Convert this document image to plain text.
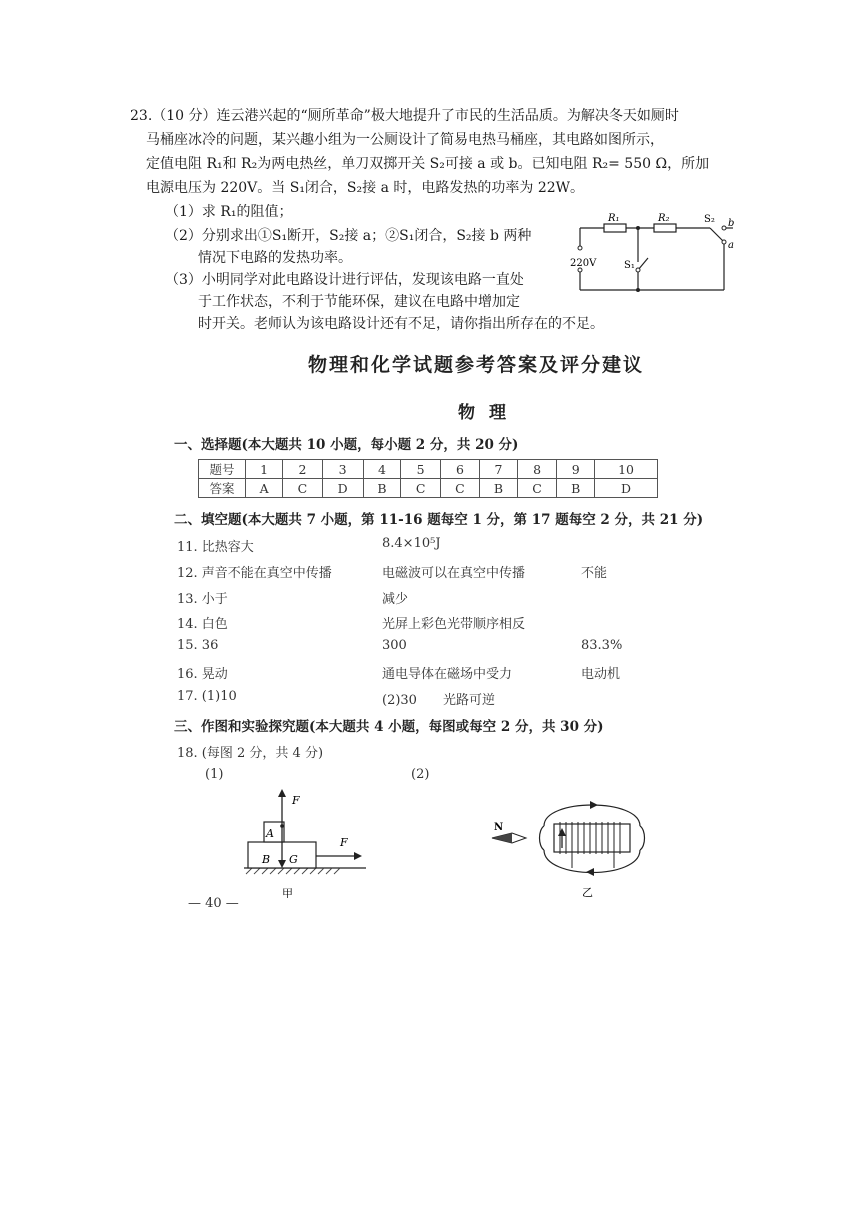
23.（10 分）连云港兴起的“厕所革命”极大地提升了市民的生活品质。为解决冬天如厕时
马桶座冰冷的问题，某兴趣小组为一公厕设计了简易电热马桶座，其电路如图所示，
定值电阻 R₁和 R₂为两电热丝，单刀双掷开关 S₂可接 a 或 b。已知电阻 R₂= 550 Ω，所加
电源电压为 220V。当 S₁闭合，S₂接 a 时，电路发热的功率为 22W。
（1）求 R₁的阻值；
（2）分别求出①S₁断开，S₂接 a；②S₁闭合，S₂接 b 两种
情况下电路的发热功率。
（3）小明同学对此电路设计进行评估，发现该电路一直处
于工作状态，不利于节能环保，建议在电路中增加定
时开关。老师认为该电路设计还有不足，请你指出所存在的不足。
R₁	R₂	S₂ b
a
S₁
220V
物理和化学试题参考答案及评分建议
物理
一、选择题(本大题共 10 小题，每小题 2 分，共 20 分)
题号	1	2	3	4	5	6	7	8	9	10
答案	A	C	D	B	C	C	B	C	B	D
二、填空题(本大题共 7 小题，第 11-16 题每空 1 分，第 17 题每空 2 分，共 21 分)
11. 比热容大	8.4×10⁵J
12. 声音不能在真空中传播	电磁波可以在真空中传播	不能
13. 小于	减少
14. 白色	光屏上彩色光带顺序相反
15. 36	300	83.3%
16. 晃动	通电导体在磁场中受力	电动机
17. (1)10	(2)30　　光路可逆
三、作图和实验探究题(本大题共 4 小题，每图或每空 2 分，共 30 分)
18. (每图 2 分，共 4 分)
(1)	(2)
F
A
B G
F
甲
N
乙
— 40 —
